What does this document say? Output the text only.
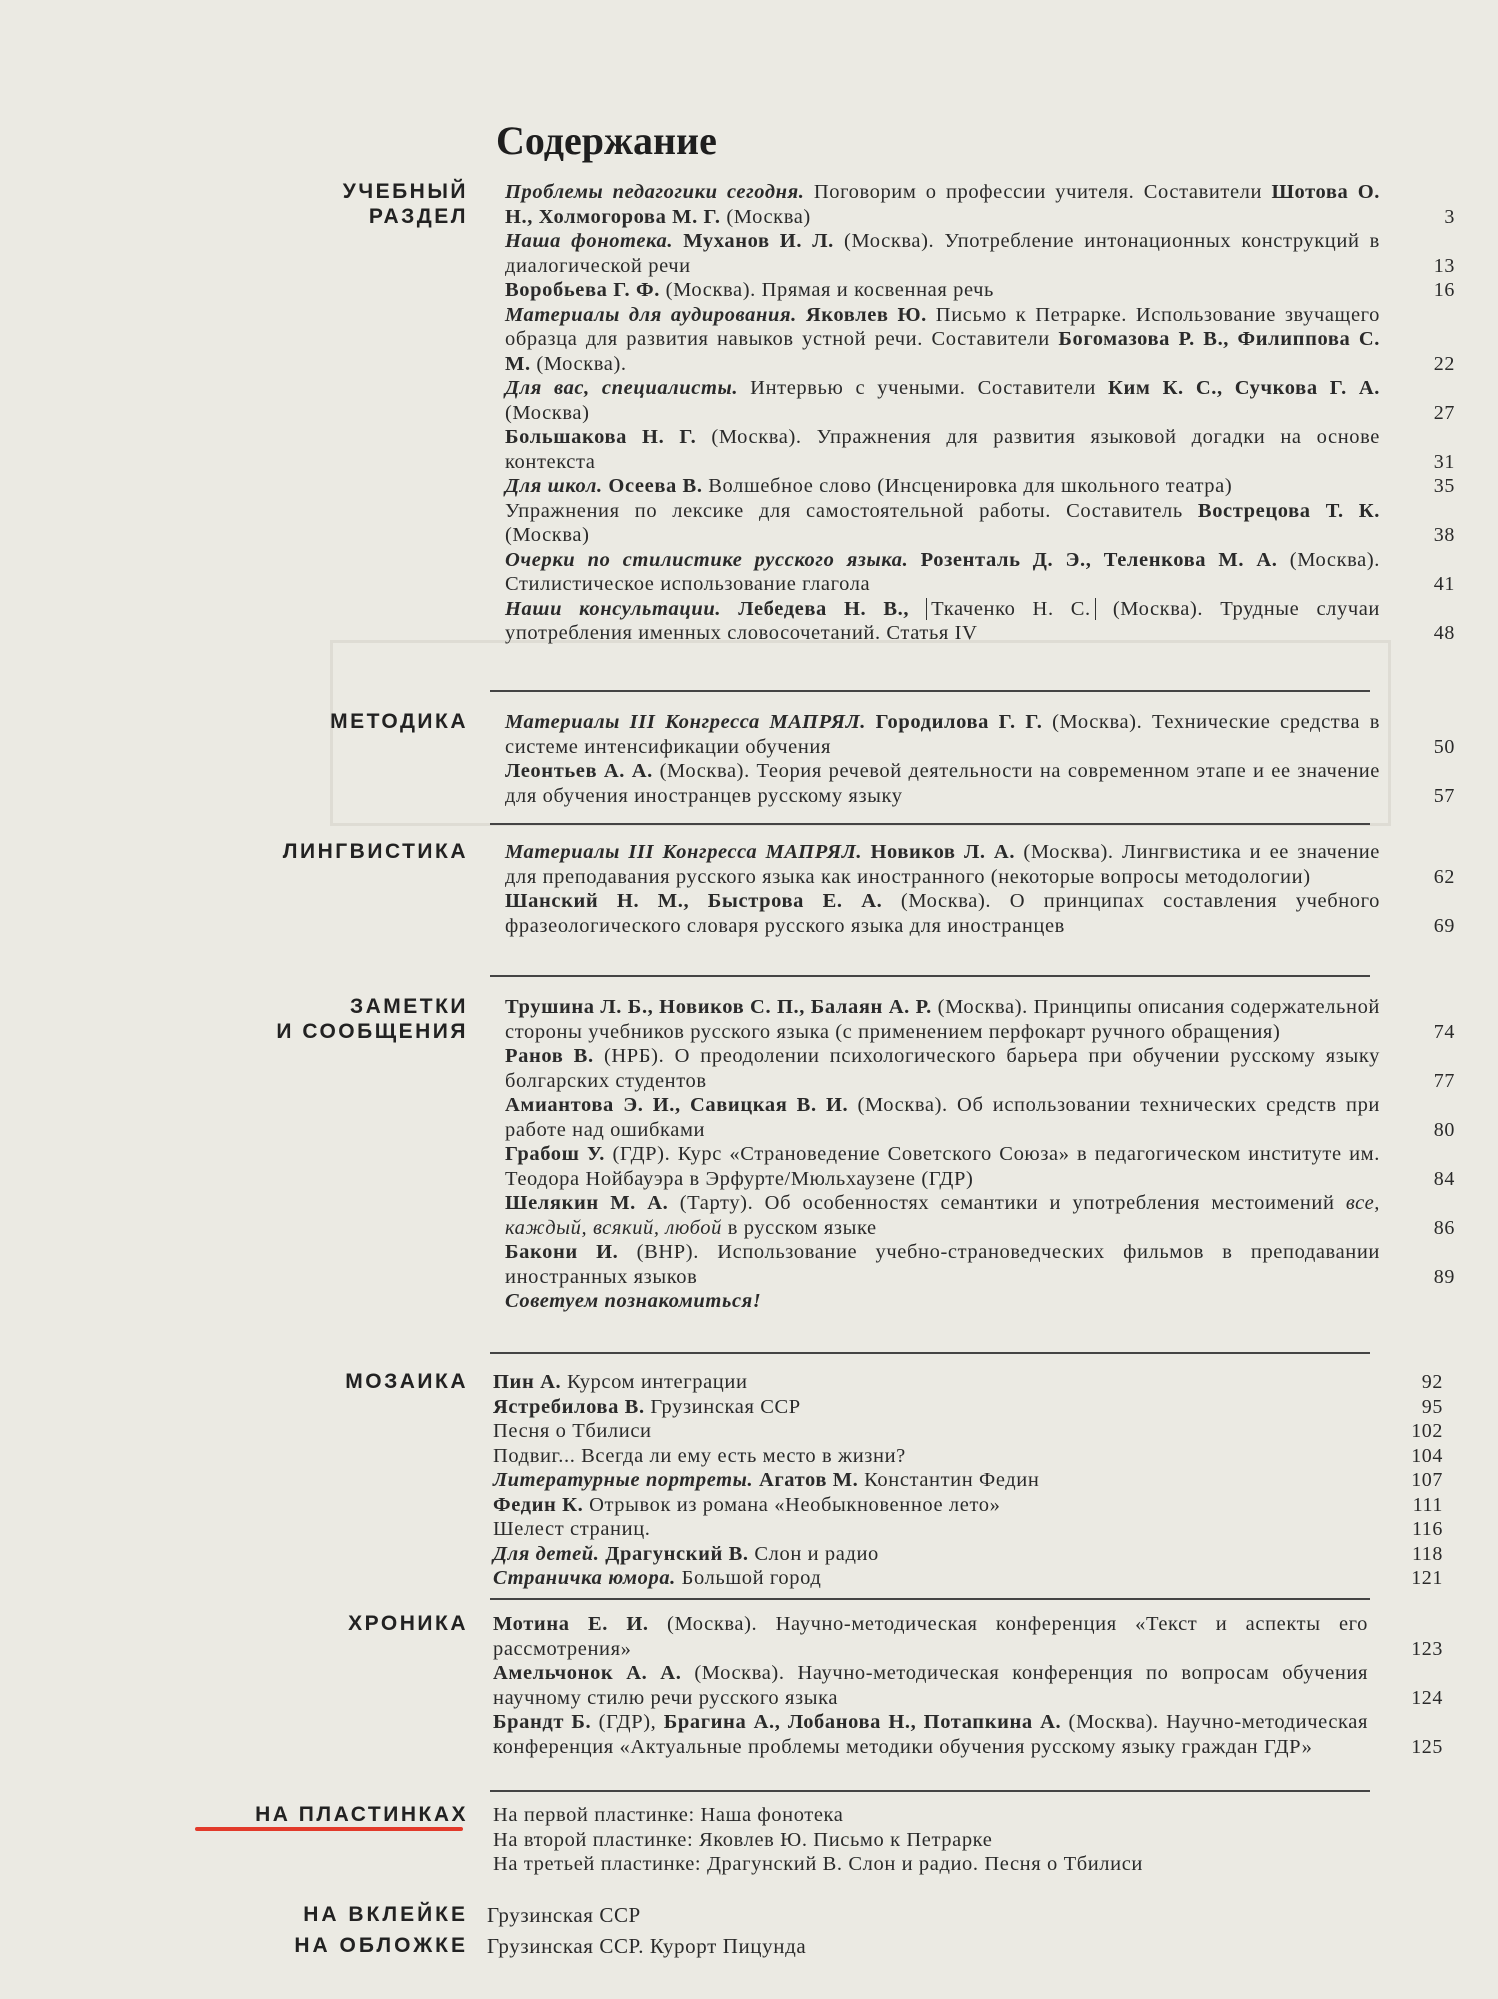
Содержание
УЧЕБНЫЙ
РАЗДЕЛ
Проблемы педагогики сегодня. Поговорим о профессии учителя. Составители Шотова О. Н., Холмогорова М. Г. (Москва)	3
Наша фонотека. Муханов И. Л. (Москва). Употребление интонационных конструкций в диалогической речи	13
Воробьева Г. Ф. (Москва). Прямая и косвенная речь	16
Материалы для аудирования. Яковлев Ю. Письмо к Петрарке. Использование звучащего образца для развития навыков устной речи. Составители Богомазова Р. В., Филиппова С. М. (Москва).	22
Для вас, специалисты. Интервью с учеными. Составители Ким К. С., Сучкова Г. А. (Москва)	27
Большакова Н. Г. (Москва). Упражнения для развития языковой догадки на основе контекста	31
Для школ. Осеева В. Волшебное слово (Инсценировка для школьного театра)	35
Упражнения по лексике для самостоятельной работы. Составитель Вострецова Т. К. (Москва)	38
Очерки по стилистике русского языка. Розенталь Д. Э., Теленкова М. А. (Москва). Стилистическое использование глагола	41
Наши консультации. Лебедева Н. В., Ткаченко Н. С. (Москва). Трудные случаи употребления именных словосочетаний. Статья IV	48
МЕТОДИКА Материалы III Конгресса МАПРЯЛ. Городилова Г. Г. (Москва). Технические средства в системе интенсификации обучения	50
Леонтьев А. А. (Москва). Теория речевой деятельности на современном этапе и ее значение для обучения иностранцев русскому языку	57
ЛИНГВИСТИКА Материалы III Конгресса МАПРЯЛ. Новиков Л. А. (Москва). Лингвистика и ее значение для преподавания русского языка как иностранного (некоторые вопросы методологии)	62
Шанский Н. М., Быстрова Е. А. (Москва). О принципах составления учебного фразеологического словаря русского языка для иностранцев	69
ЗАМЕТКИ
И СООБЩЕНИЯ
Трушина Л. Б., Новиков С. П., Балаян А. Р. (Москва). Принципы описания содержательной стороны учебников русского языка (с применением перфокарт ручного обращения)	74
Ранов В. (НРБ). О преодолении психологического барьера при обучении русскому языку болгарских студентов	77
Амиантова Э. И., Савицкая В. И. (Москва). Об использовании технических средств при работе над ошибками	80
Грабош У. (ГДР). Курс «Страноведение Советского Союза» в педагогическом институте им. Теодора Нойбауэра в Эрфурте/Мюльхаузене (ГДР)	84
Шелякин М. А. (Тарту). Об особенностях семантики и употребления местоимений все, каждый, всякий, любой в русском языке	86
Бакони И. (ВНР). Использование учебно-страноведческих фильмов в преподавании иностранных языков	89
Советуем познакомиться!
МОЗАИКА Пин А. Курсом интеграции	92
Ястребилова В. Грузинская ССР	95
Песня о Тбилиси	102
Подвиг... Всегда ли ему есть место в жизни?	104
Литературные портреты. Агатов М. Константин Федин	107
Федин К. Отрывок из романа «Необыкновенное лето»	111
Шелест страниц.	116
Для детей. Драгунский В. Слон и радио	118
Страничка юмора. Большой город	121
ХРОНИКА Мотина Е. И. (Москва). Научно-методическая конференция «Текст и аспекты его рассмотрения»	123
Амельчонок А. А. (Москва). Научно-методическая конференция по вопросам обучения научному стилю речи русского языка	124
Брандт Б. (ГДР), Брагина А., Лобанова Н., Потапкина А. (Москва). Научно-методическая конференция «Актуальные проблемы методики обучения русскому языку граждан ГДР»	125
НА ПЛАСТИНКАХ На первой пластинке: Наша фонотека
На второй пластинке: Яковлев Ю. Письмо к Петрарке
На третьей пластинке: Драгунский В. Слон и радио. Песня о Тбилиси
НА ВКЛЕЙКЕ Грузинская ССР
НА ОБЛОЖКЕ Грузинская ССР. Курорт Пицунда
